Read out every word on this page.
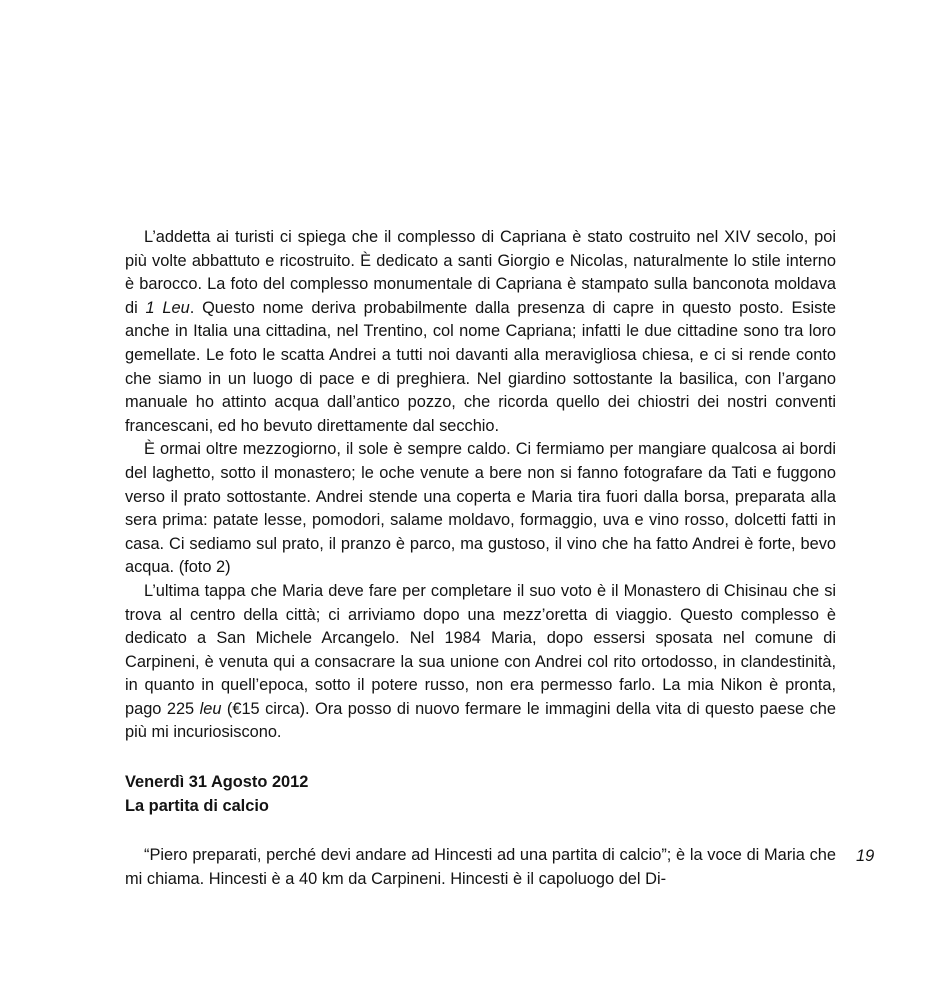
L’addetta ai turisti ci spiega che il complesso di Capriana è stato costruito nel XIV secolo, poi più volte abbattuto e ricostruito. È dedicato a santi Giorgio e Nicolas, naturalmente lo stile interno è barocco. La foto del complesso monumentale di Capriana è stampato sulla banconota moldava di 1 Leu. Questo nome deriva probabilmente dalla presenza di capre in questo posto. Esiste anche in Italia una cittadina, nel Trentino, col nome Capriana; infatti le due cittadine sono tra loro gemellate. Le foto le scatta Andrei a tutti noi davanti alla meravigliosa chiesa, e ci si rende conto che siamo in un luogo di pace e di preghiera. Nel giardino sottostante la basilica, con l’argano manuale ho attinto acqua dall’antico pozzo, che ricorda quello dei chiostri dei nostri conventi francescani, ed ho bevuto direttamente dal secchio.

È ormai oltre mezzogiorno, il sole è sempre caldo. Ci fermiamo per mangiare qualcosa ai bordi del laghetto, sotto il monastero; le oche venute a bere non si fanno fotografare da Tati e fuggono verso il prato sottostante. Andrei stende una coperta e Maria tira fuori dalla borsa, preparata alla sera prima: patate lesse, pomodori, salame moldavo, formaggio, uva e vino rosso, dolcetti fatti in casa. Ci sediamo sul prato, il pranzo è parco, ma gustoso, il vino che ha fatto Andrei è forte, bevo acqua. (foto 2)

L’ultima tappa che Maria deve fare per completare il suo voto è il Monastero di Chisinau che si trova al centro della città; ci arriviamo dopo una mezz’oretta di viaggio. Questo complesso è dedicato a San Michele Arcangelo. Nel 1984 Maria, dopo essersi sposata nel comune di Carpineni, è venuta qui a consacrare la sua unione con Andrei col rito ortodosso, in clandestinità, in quanto in quell’epoca, sotto il potere russo, non era permesso farlo. La mia Nikon è pronta, pago 225 leu (€15 circa). Ora posso di nuovo fermare le immagini della vita di questo paese che più mi incuriosiscono.

Venerdì 31 Agosto 2012
La partita di calcio

“Piero preparati, perché devi andare ad Hincesti ad una partita di calcio”; è la voce di Maria che mi chiama. Hincesti è a 40 km da Carpineni. Hincesti è il capoluogo del Di-

19
